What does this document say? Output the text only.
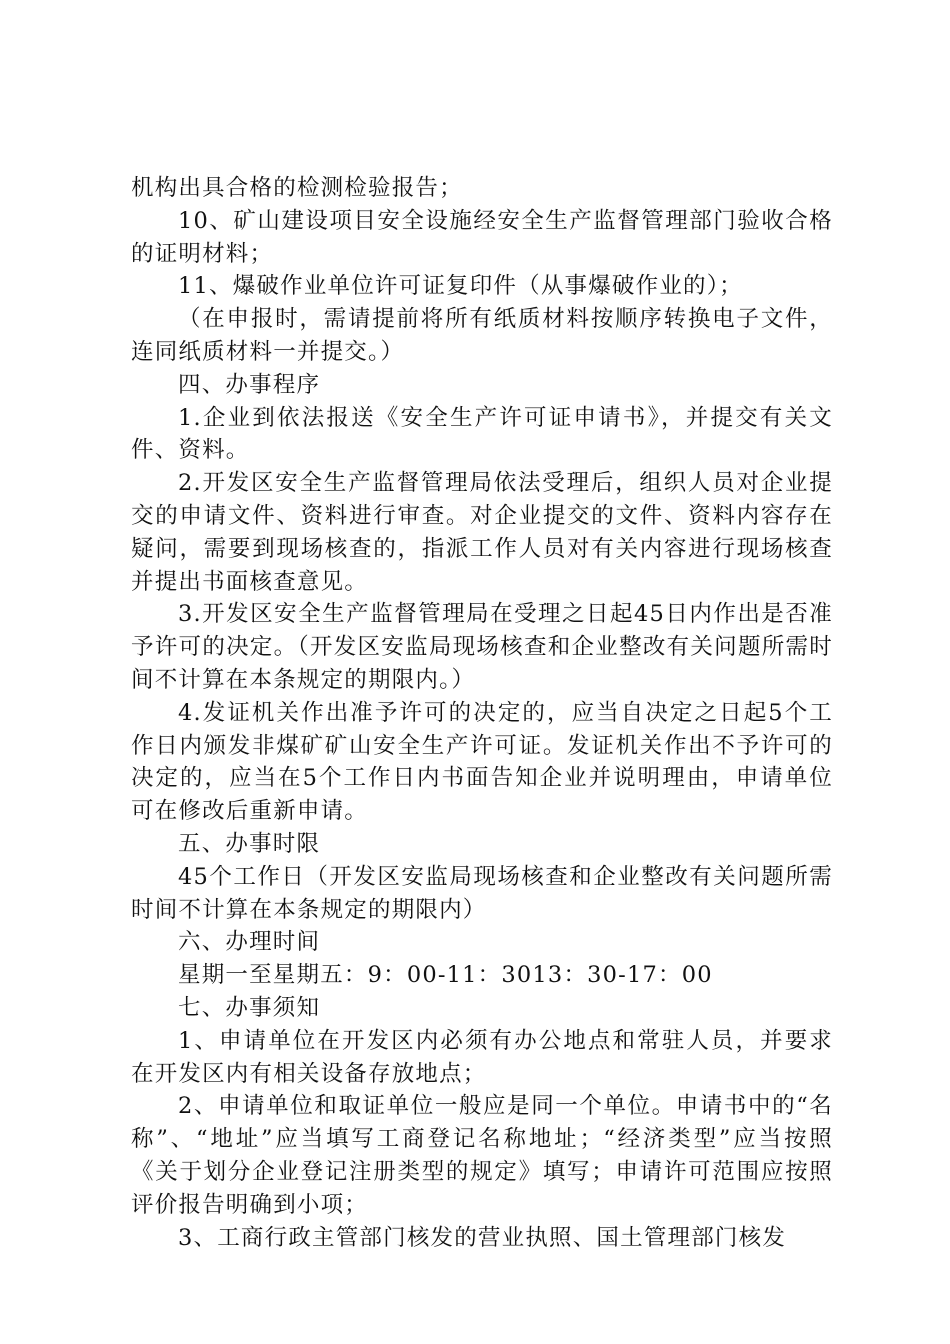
机构出具合格的检测检验报告；

10、矿山建设项目安全设施经安全生产监督管理部门验收合格的证明材料；

11、爆破作业单位许可证复印件（从事爆破作业的）；

（在申报时，需请提前将所有纸质材料按顺序转换电子文件，连同纸质材料一并提交。）

四、办事程序

1.企业到依法报送《安全生产许可证申请书》，并提交有关文件、资料。

2.开发区安全生产监督管理局依法受理后，组织人员对企业提交的申请文件、资料进行审查。对企业提交的文件、资料内容存在疑问，需要到现场核查的，指派工作人员对有关内容进行现场核查并提出书面核查意见。

3.开发区安全生产监督管理局在受理之日起45日内作出是否准予许可的决定。（开发区安监局现场核查和企业整改有关问题所需时间不计算在本条规定的期限内。）

4.发证机关作出准予许可的决定的，应当自决定之日起5个工作日内颁发非煤矿矿山安全生产许可证。发证机关作出不予许可的决定的，应当在5个工作日内书面告知企业并说明理由，申请单位可在修改后重新申请。

五、办事时限

45个工作日（开发区安监局现场核查和企业整改有关问题所需时间不计算在本条规定的期限内）

六、办理时间

星期一至星期五：9：00-11：3013：30-17：00

七、办事须知

1、申请单位在开发区内必须有办公地点和常驻人员，并要求在开发区内有相关设备存放地点；

2、申请单位和取证单位一般应是同一个单位。申请书中的“名称”、“地址”应当填写工商登记名称地址；“经济类型”应当按照《关于划分企业登记注册类型的规定》填写；申请许可范围应按照评价报告明确到小项；

3、工商行政主管部门核发的营业执照、国土管理部门核发
